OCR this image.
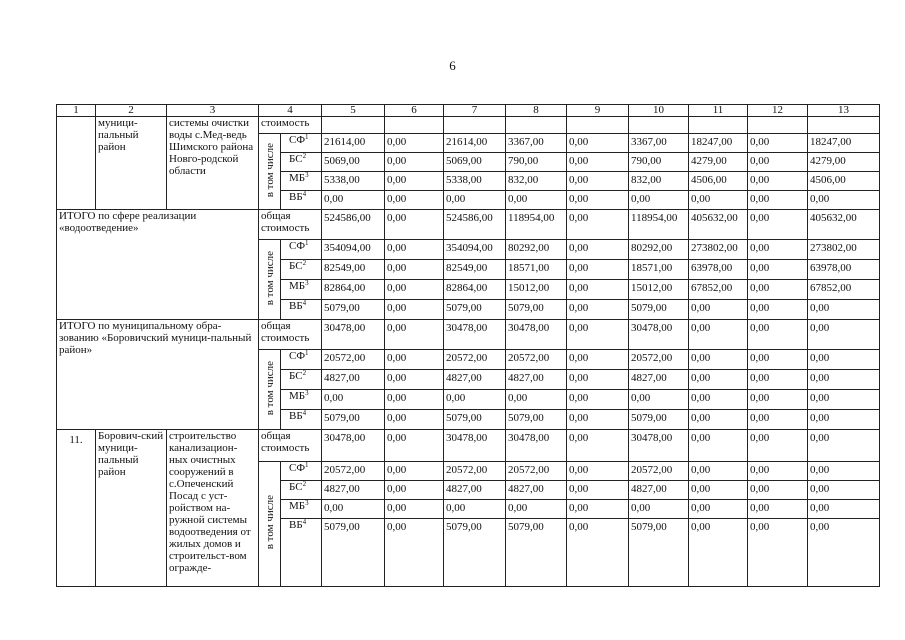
6
1	2	3	4		5	6	7	8	9	10	11	12	13
	муници-пальный район	системы очистки воды с.Мед-ведь Шимского района Новго-родской области	стоимость										
			в том числе	$СФ^1$	21614,00	0,00	21614,00	3367,00	0,00	3367,00	18247,00	0,00	18247,00
				$БС^2$	5069,00	0,00	5069,00	790,00	0,00	790,00	4279,00	0,00	4279,00
				$МБ^3$	5338,00	0,00	5338,00	832,00	0,00	832,00	4506,00	0,00	4506,00
				$ВБ^4$	0,00	0,00	0,00	0,00	0,00	0,00	0,00	0,00	0,00
ИТОГО по сфере реализации «водоотведение»			общая стоимость		524586,00	0,00	524586,00	118954,00	0,00	118954,00	405632,00	0,00	405632,00
			в том числе	$СФ^1$	354094,00	0,00	354094,00	80292,00	0,00	80292,00	273802,00	0,00	273802,00
				$БС^2$	82549,00	0,00	82549,00	18571,00	0,00	18571,00	63978,00	0,00	63978,00
				$МБ^3$	82864,00	0,00	82864,00	15012,00	0,00	15012,00	67852,00	0,00	67852,00
				$ВБ^4$	5079,00	0,00	5079,00	5079,00	0,00	5079,00	0,00	0,00	0,00
ИТОГО по муниципальному обра-зованию «Боровичский муници-пальный район»			общая стоимость		30478,00	0,00	30478,00	30478,00	0,00	30478,00	0,00	0,00	0,00
			в том числе	$СФ^1$	20572,00	0,00	20572,00	20572,00	0,00	20572,00	0,00	0,00	0,00
				$БС^2$	4827,00	0,00	4827,00	4827,00	0,00	4827,00	0,00	0,00	0,00
				$МБ^3$	0,00	0,00	0,00	0,00	0,00	0,00	0,00	0,00	0,00
				$ВБ^4$	5079,00	0,00	5079,00	5079,00	0,00	5079,00	0,00	0,00	0,00
11.	Борович-ский муници-пальный район	строительство канализацион-ных очистных сооружений в с.Опеченский Посад с уст-ройством на-ружной системы водоотведения от жилых домов и строительст-вом огражде-	общая стоимость		30478,00	0,00	30478,00	30478,00	0,00	30478,00	0,00	0,00	0,00
			в том числе	$СФ^1$	20572,00	0,00	20572,00	20572,00	0,00	20572,00	0,00	0,00	0,00
				$БС^2$	4827,00	0,00	4827,00	4827,00	0,00	4827,00	0,00	0,00	0,00
				$МБ^3$	0,00	0,00	0,00	0,00	0,00	0,00	0,00	0,00	0,00
				$ВБ^4$	5079,00	0,00	5079,00	5079,00	0,00	5079,00	0,00	0,00	0,00
